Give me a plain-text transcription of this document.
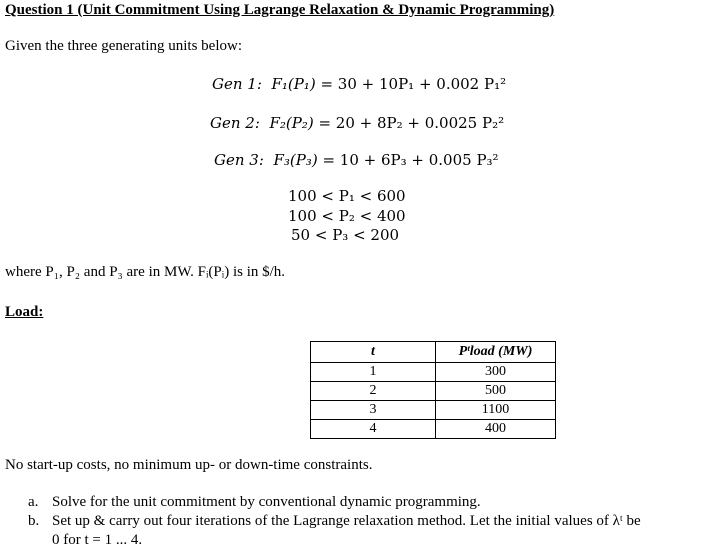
Question 1 (Unit Commitment Using Lagrange Relaxation & Dynamic Programming)
Given the three generating units below:
Gen 1: F₁(P₁) = 30 + 10P₁ + 0.002 P₁²
Gen 2: F₂(P₂) = 20 + 8P₂ + 0.0025 P₂²
Gen 3: F₃(P₃) = 10 + 6P₃ + 0.005 P₃²
100 < P₁ < 600
100 < P₂ < 400
50 < P₃ < 200
where P₁, P₂ and P₃ are in MW. Fᵢ(Pᵢ) is in $/h.
Load:
t	Pᵗload (MW)
1	300
2	500
3	1100
4	400
No start-up costs, no minimum up- or down-time constraints.
a. Solve for the unit commitment by conventional dynamic programming.
b. Set up & carry out four iterations of the Lagrange relaxation method. Let the initial values of λᵗ be
0 for t = 1 ... 4.
